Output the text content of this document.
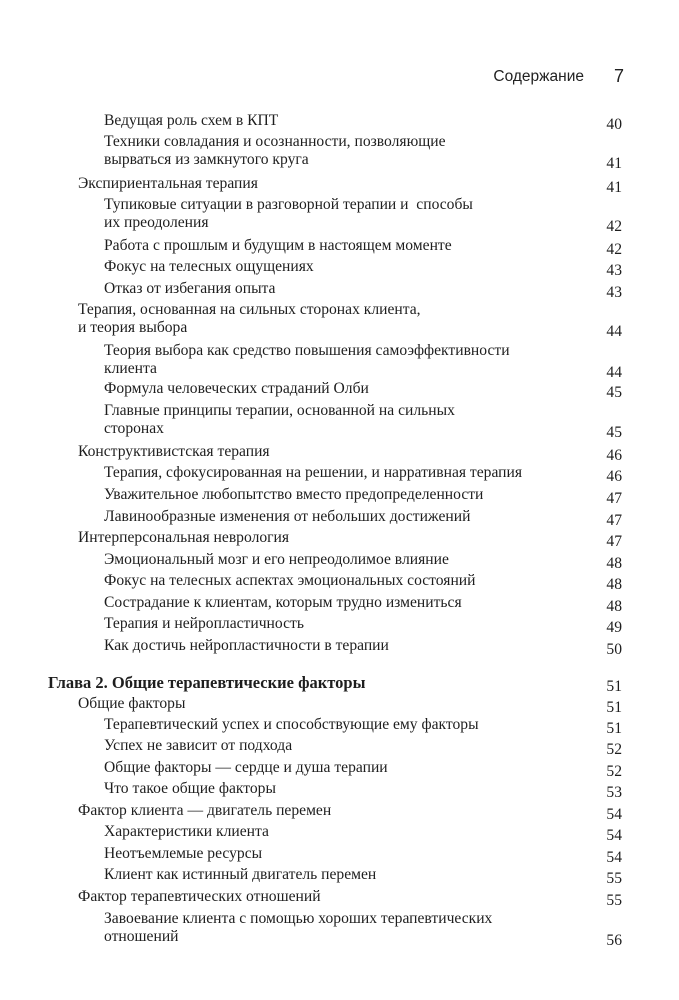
Содержание 7
Ведущая роль схем в КПТ	40
Техники совладания и осознанности, позволяющие
вырваться из замкнутого круга	41
Экспириентальная терапия	41
Тупиковые ситуации в разговорной терапии и  способы
их преодоления	42
Работа с прошлым и будущим в настоящем моменте	42
Фокус на телесных ощущениях	43
Отказ от избегания опыта	43
Терапия, основанная на сильных сторонах клиента,
и теория выбора	44
Теория выбора как средство повышения самоэффективности
клиента	44
Формула человеческих страданий Олби	45
Главные принципы терапии, основанной на сильных
сторонах	45
Конструктивистская терапия	46
Терапия, сфокусированная на решении, и нарративная терапия	46
Уважительное любопытство вместо предопределенности	47
Лавинообразные изменения от небольших достижений	47
Интерперсональная неврология	47
Эмоциональный мозг и его непреодолимое влияние	48
Фокус на телесных аспектах эмоциональных состояний	48
Сострадание к клиентам, которым трудно измениться	48
Терапия и нейропластичность	49
Как достичь нейропластичности в терапии	50
Глава 2. Общие терапевтические факторы	51
Общие факторы	51
Терапевтический успех и способствующие ему факторы	51
Успех не зависит от подхода	52
Общие факторы — сердце и душа терапии	52
Что такое общие факторы	53
Фактор клиента — двигатель перемен	54
Характеристики клиента	54
Неотъемлемые ресурсы	54
Клиент как истинный двигатель перемен	55
Фактор терапевтических отношений	55
Завоевание клиента с помощью хороших терапевтических
отношений	56
